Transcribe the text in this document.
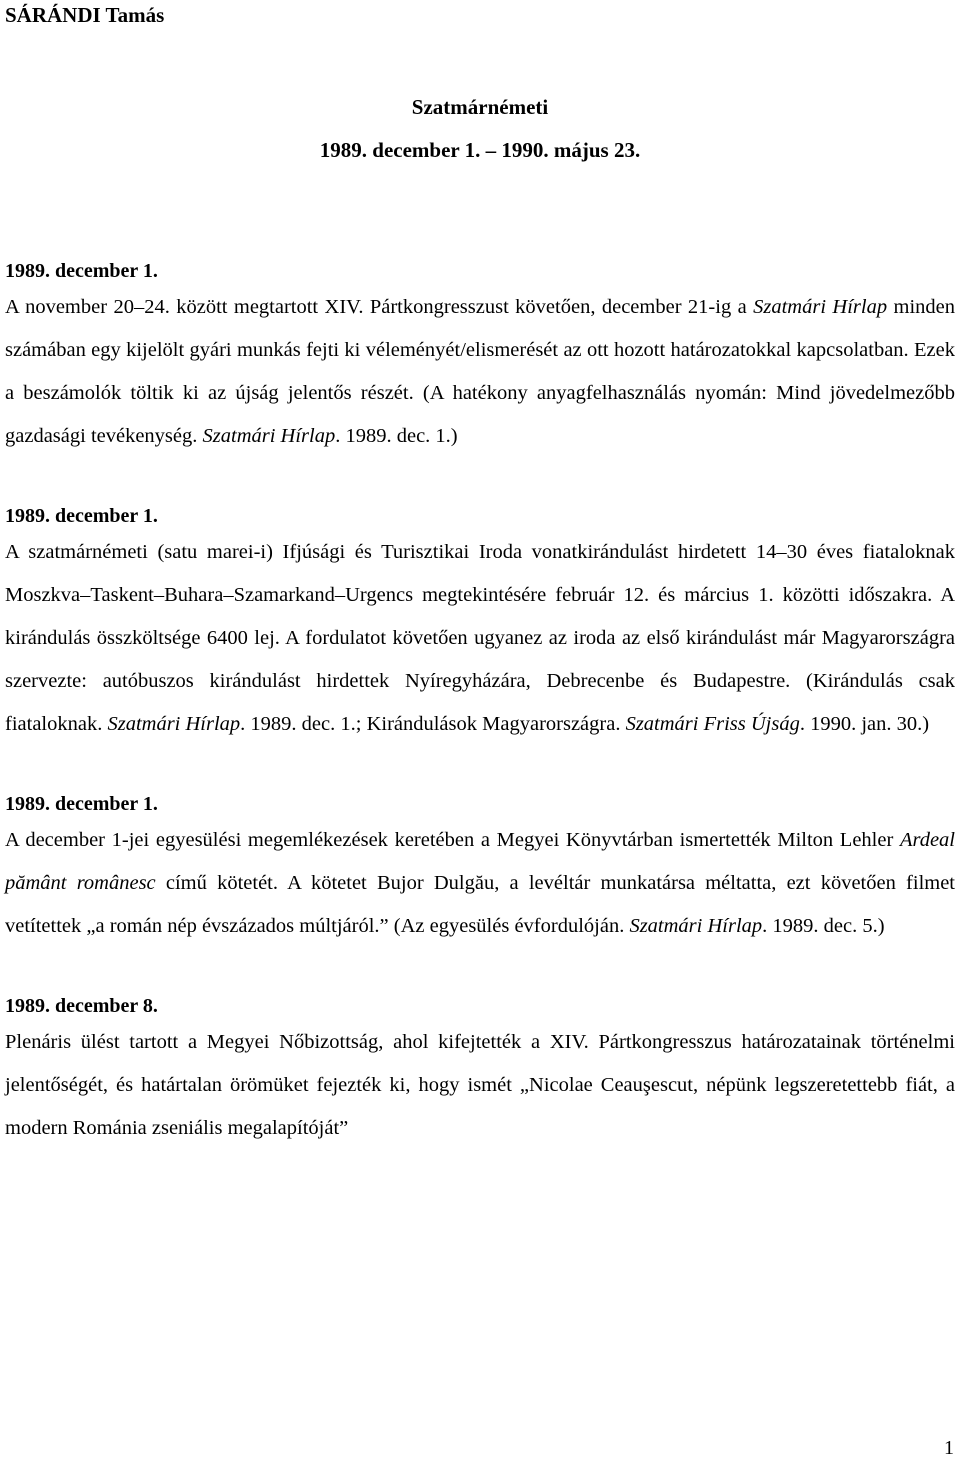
SÁRÁNDI Tamás
Szatmárnémeti
1989. december 1. – 1990. május 23.
1989. december 1.

A november 20–24. között megtartott XIV. Pártkongresszust követően, december 21-ig a Szatmári Hírlap minden számában egy kijelölt gyári munkás fejti ki véleményét/elismerését az ott hozott határozatokkal kapcsolatban. Ezek a beszámolók töltik ki az újság jelentős részét. (A hatékony anyagfelhasználás nyomán: Mind jövedelmezőbb gazdasági tevékenység. Szatmári Hírlap. 1989. dec. 1.)

1989. december 1.

A szatmárnémeti (satu marei-i) Ifjúsági és Turisztikai Iroda vonatkirándulást hirdetett 14–30 éves fiataloknak Moszkva–Taskent–Buhara–Szamarkand–Urgencs megtekintésére február 12. és március 1. közötti időszakra. A kirándulás összköltsége 6400 lej. A fordulatot követően ugyanez az iroda az első kirándulást már Magyarországra szervezte: autóbuszos kirándulást hirdettek Nyíregyházára, Debrecenbe és Budapestre. (Kirándulás csak fiataloknak. Szatmári Hírlap. 1989. dec. 1.; Kirándulások Magyarországra. Szatmári Friss Újság. 1990. jan. 30.)

1989. december 1.

A december 1-jei egyesülési megemlékezések keretében a Megyei Könyvtárban ismertették Milton Lehler Ardeal pământ românesc című kötetét. A kötetet Bujor Dulgău, a levéltár munkatársa méltatta, ezt követően filmet vetítettek „a román nép évszázados múltjáról.” (Az egyesülés évfordulóján. Szatmári Hírlap. 1989. dec. 5.)

1989. december 8.

Plenáris ülést tartott a Megyei Nőbizottság, ahol kifejtették a XIV. Pártkongresszus határozatainak történelmi jelentőségét, és határtalan örömüket fejezték ki, hogy ismét „Nicolae Ceauşescut, népünk legszeretettebb fiát, a modern Románia zseniális megalapítóját”

1
